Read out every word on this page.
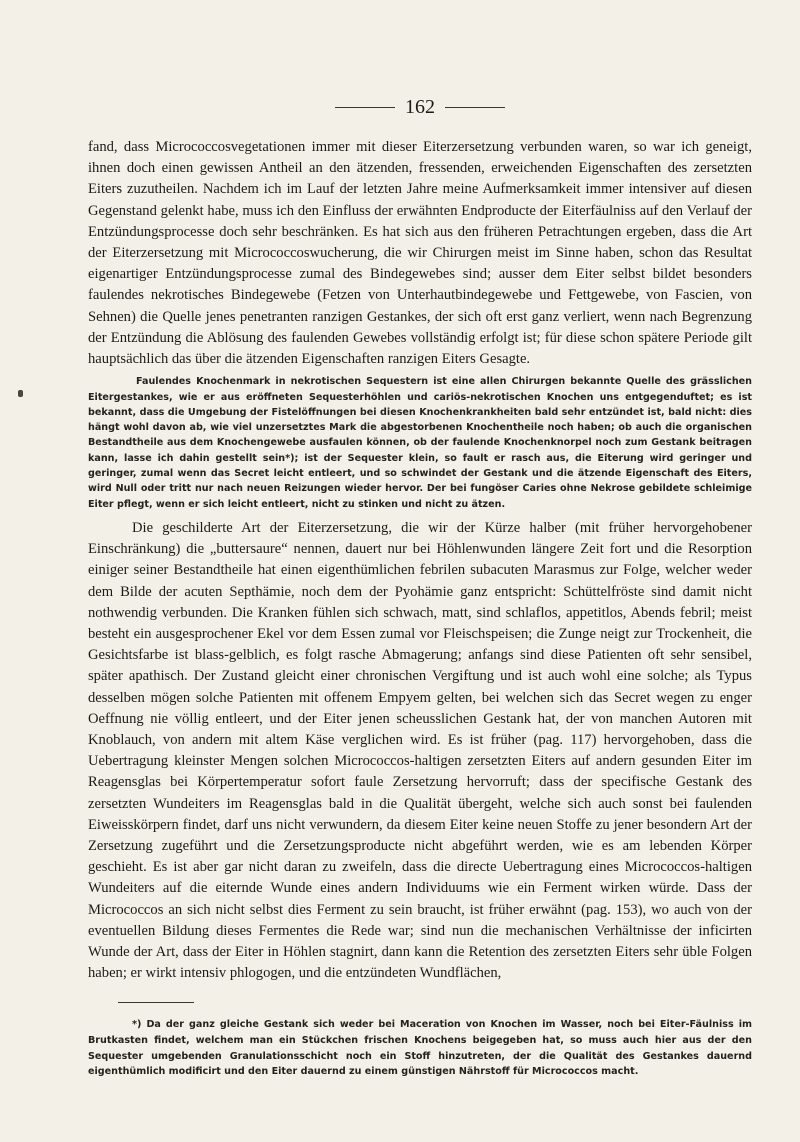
162

fand, dass Micrococcosvegetationen immer mit dieser Eiterzersetzung verbunden waren, so war ich geneigt, ihnen doch einen gewissen Antheil an den ätzenden, fressenden, erweichenden Eigenschaften des zersetzten Eiters zuzutheilen. Nachdem ich im Lauf der letzten Jahre meine Aufmerksamkeit immer intensiver auf diesen Gegenstand gelenkt habe, muss ich den Einfluss der erwähnten Endproducte der Eiterfäulniss auf den Verlauf der Entzündungsprocesse doch sehr beschränken. Es hat sich aus den früheren Petrachtungen ergeben, dass die Art der Eiterzersetzung mit Micrococcoswucherung, die wir Chirurgen meist im Sinne haben, schon das Resultat eigenartiger Entzündungsprocesse zumal des Bindegewebes sind; ausser dem Eiter selbst bildet besonders faulendes nekrotisches Bindegewebe (Fetzen von Unterhautbindegewebe und Fettgewebe, von Fascien, von Sehnen) die Quelle jenes penetranten ranzigen Gestankes, der sich oft erst ganz verliert, wenn nach Begrenzung der Entzündung die Ablösung des faulenden Gewebes vollständig erfolgt ist; für diese schon spätere Periode gilt hauptsächlich das über die ätzenden Eigenschaften ranzigen Eiters Gesagte.

Faulendes Knochenmark in nekrotischen Sequestern ist eine allen Chirurgen bekannte Quelle des grässlichen Eitergestankes, wie er aus eröffneten Sequesterhöhlen und cariös-nekrotischen Knochen uns entgegenduftet; es ist bekannt, dass die Umgebung der Fistelöffnungen bei diesen Knochenkrankheiten bald sehr entzündet ist, bald nicht: dies hängt wohl davon ab, wie viel unzersetztes Mark die abgestorbenen Knochentheile noch haben; ob auch die organischen Bestandtheile aus dem Knochengewebe ausfaulen können, ob der faulende Knochenknorpel noch zum Gestank beitragen kann, lasse ich dahin gestellt sein*); ist der Sequester klein, so fault er rasch aus, die Eiterung wird geringer und geringer, zumal wenn das Secret leicht entleert, und so schwindet der Gestank und die ätzende Eigenschaft des Eiters, wird Null oder tritt nur nach neuen Reizungen wieder hervor. Der bei fungöser Caries ohne Nekrose gebildete schleimige Eiter pflegt, wenn er sich leicht entleert, nicht zu stinken und nicht zu ätzen.

Die geschilderte Art der Eiterzersetzung, die wir der Kürze halber (mit früher hervorgehobener Einschränkung) die „buttersaure“ nennen, dauert nur bei Höhlenwunden längere Zeit fort und die Resorption einiger seiner Bestandtheile hat einen eigenthümlichen febrilen subacuten Marasmus zur Folge, welcher weder dem Bilde der acuten Septhämie, noch dem der Pyohämie ganz entspricht: Schüttelfröste sind damit nicht nothwendig verbunden. Die Kranken fühlen sich schwach, matt, sind schlaflos, appetitlos, Abends febril; meist besteht ein ausgesprochener Ekel vor dem Essen zumal vor Fleischspeisen; die Zunge neigt zur Trockenheit, die Gesichtsfarbe ist blass-gelblich, es folgt rasche Abmagerung; anfangs sind diese Patienten oft sehr sensibel, später apathisch. Der Zustand gleicht einer chronischen Vergiftung und ist auch wohl eine solche; als Typus desselben mögen solche Patienten mit offenem Empyem gelten, bei welchen sich das Secret wegen zu enger Oeffnung nie völlig entleert, und der Eiter jenen scheusslichen Gestank hat, der von manchen Autoren mit Knoblauch, von andern mit altem Käse verglichen wird. Es ist früher (pag. 117) hervorgehoben, dass die Uebertragung kleinster Mengen solchen Micrococcos-haltigen zersetzten Eiters auf andern gesunden Eiter im Reagensglas bei Körpertemperatur sofort faule Zersetzung hervorruft; dass der specifische Gestank des zersetzten Wundeiters im Reagensglas bald in die Qualität übergeht, welche sich auch sonst bei faulenden Eiweisskörpern findet, darf uns nicht verwundern, da diesem Eiter keine neuen Stoffe zu jener besondern Art der Zersetzung zugeführt und die Zersetzungsproducte nicht abgeführt werden, wie es am lebenden Körper geschieht. Es ist aber gar nicht daran zu zweifeln, dass die directe Uebertragung eines Micrococcos-haltigen Wundeiters auf die eiternde Wunde eines andern Individuums wie ein Ferment wirken würde. Dass der Micrococcos an sich nicht selbst dies Ferment zu sein braucht, ist früher erwähnt (pag. 153), wo auch von der eventuellen Bildung dieses Fermentes die Rede war; sind nun die mechanischen Verhältnisse der inficirten Wunde der Art, dass der Eiter in Höhlen stagnirt, dann kann die Retention des zersetzten Eiters sehr üble Folgen haben; er wirkt intensiv phlogogen, und die entzündeten Wundflächen,

*) Da der ganz gleiche Gestank sich weder bei Maceration von Knochen im Wasser, noch bei Eiter-Fäulniss im Brutkasten findet, welchem man ein Stückchen frischen Knochens beigegeben hat, so muss auch hier aus der den Sequester umgebenden Granulationsschicht noch ein Stoff hinzutreten, der die Qualität des Gestankes dauernd eigenthümlich modificirt und den Eiter dauernd zu einem günstigen Nährstoff für Micrococcos macht.
